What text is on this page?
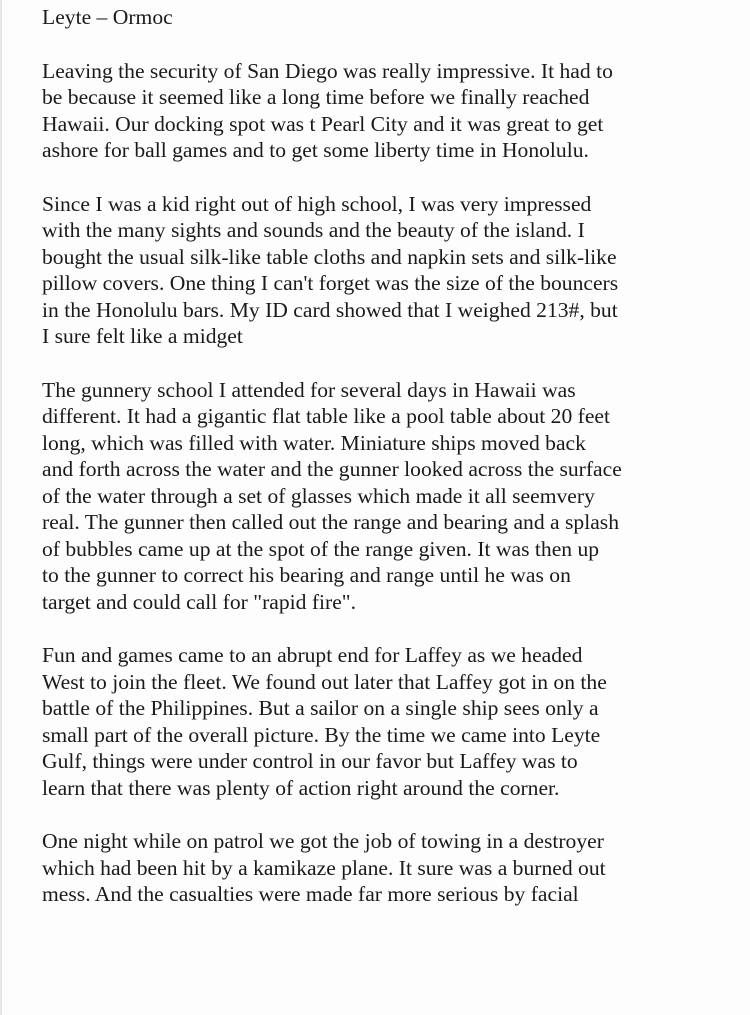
Leyte – Ormoc
Leaving the security of San Diego was really impressive. It had to
be because it seemed like a long time before we finally reached
Hawaii. Our docking spot was t Pearl City and it was great to get
ashore for ball games and to get some liberty time in Honolulu.
Since I was a kid right out of high school, I was very impressed
with the many sights and sounds and the beauty of the island. I
bought the usual silk-like table cloths and napkin sets and silk-like
pillow covers. One thing I can't forget was the size of the bouncers
in the Honolulu bars. My ID card showed that I weighed 213#, but
I sure felt like a midget
The gunnery school I attended for several days in Hawaii was
different. It had a gigantic flat table like a pool table about 20 feet
long, which was filled with water. Miniature ships moved back
and forth across the water and the gunner looked across the surface
of the water through a set of glasses which made it all seemvery
real. The gunner then called out the range and bearing and a splash
of bubbles came up at the spot of the range given. It was then up
to the gunner to correct his bearing and range until he was on
target and could call for "rapid fire".
Fun and games came to an abrupt end for Laffey as we headed
West to join the fleet. We found out later that Laffey got in on the
battle of the Philippines. But a sailor on a single ship sees only a
small part of the overall picture. By the time we came into Leyte
Gulf, things were under control in our favor but Laffey was to
learn that there was plenty of action right around the corner.
One night while on patrol we got the job of towing in a destroyer
which had been hit by a kamikaze plane. It sure was a burned out
mess. And the casualties were made far more serious by facial
